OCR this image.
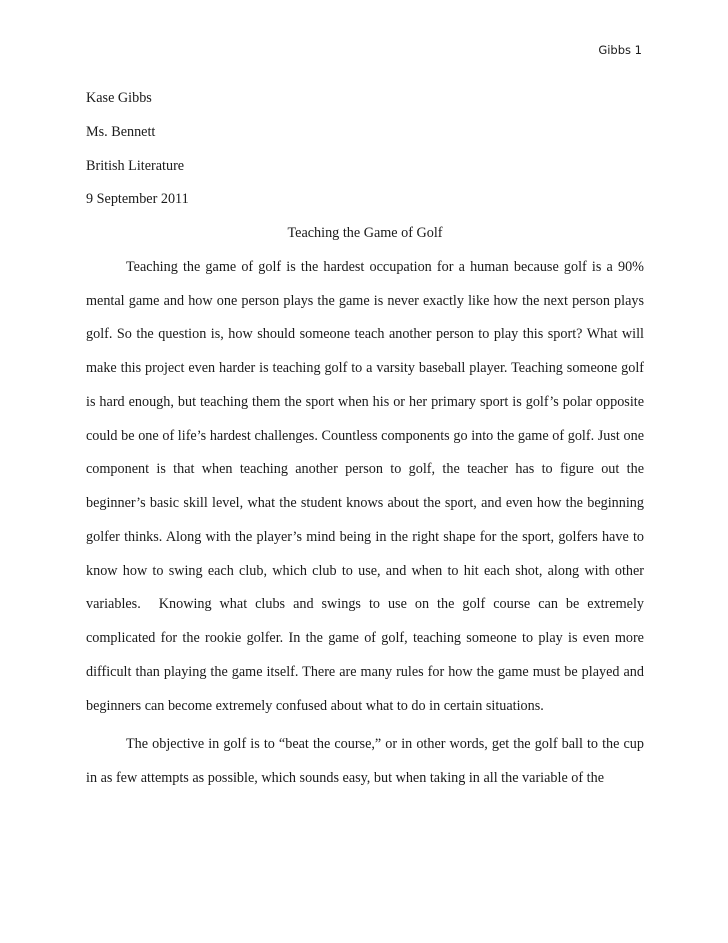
Gibbs 1
Kase Gibbs
Ms. Bennett
British Literature
9 September 2011
Teaching the Game of Golf

Teaching the game of golf is the hardest occupation for a human because golf is a 90% mental game and how one person plays the game is never exactly like how the next person plays golf. So the question is, how should someone teach another person to play this sport? What will make this project even harder is teaching golf to a varsity baseball player. Teaching someone golf is hard enough, but teaching them the sport when his or her primary sport is golf’s polar opposite could be one of life’s hardest challenges. Countless components go into the game of golf. Just one component is that when teaching another person to golf, the teacher has to figure out the beginner’s basic skill level, what the student knows about the sport, and even how the beginning golfer thinks. Along with the player’s mind being in the right shape for the sport, golfers have to know how to swing each club, which club to use, and when to hit each shot, along with other variables. Knowing what clubs and swings to use on the golf course can be extremely complicated for the rookie golfer. In the game of golf, teaching someone to play is even more difficult than playing the game itself. There are many rules for how the game must be played and beginners can become extremely confused about what to do in certain situations.

The objective in golf is to “beat the course,” or in other words, get the golf ball to the cup in as few attempts as possible, which sounds easy, but when taking in all the variable of the
